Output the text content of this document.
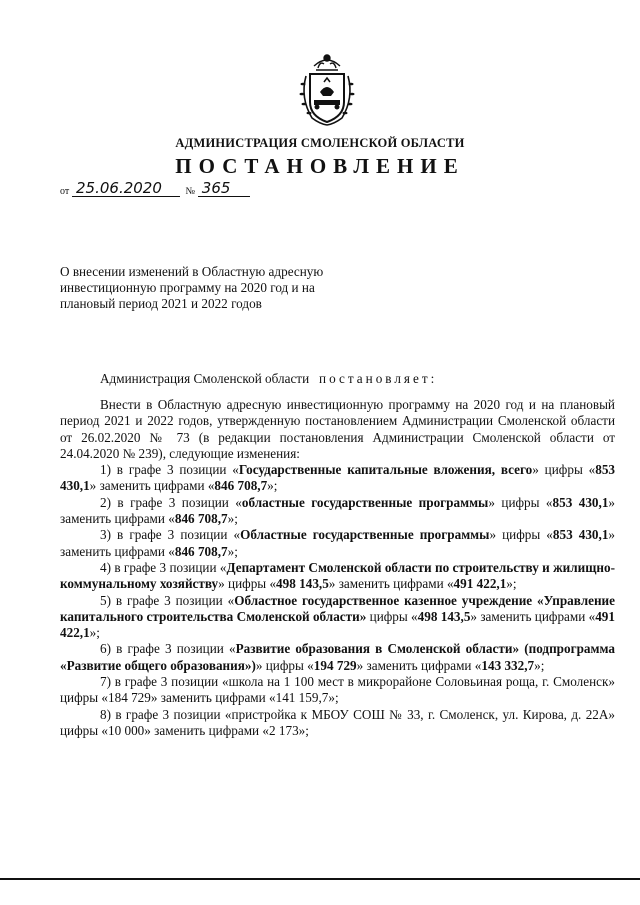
АДМИНИСТРАЦИЯ СМОЛЕНСКОЙ ОБЛАСТИ
ПОСТАНОВЛЕНИЕ
от 25.06.2020 № 365
О внесении изменений в Областную адресную инвестиционную программу на 2020 год и на плановый период 2021 и 2022 годов
Администрация Смоленской области постановляет:

Внести в Областную адресную инвестиционную программу на 2020 год и на плановый период 2021 и 2022 годов, утвержденную постановлением Администрации Смоленской области от 26.02.2020 № 73 (в редакции постановления Администрации Смоленской области от 24.04.2020 № 239), следующие изменения:

1) в графе 3 позиции «Государственные капитальные вложения, всего» цифры «853 430,1» заменить цифрами «846 708,7»;

2) в графе 3 позиции «областные государственные программы» цифры «853 430,1» заменить цифрами «846 708,7»;

3) в графе 3 позиции «Областные государственные программы» цифры «853 430,1» заменить цифрами «846 708,7»;

4) в графе 3 позиции «Департамент Смоленской области по строительству и жилищно-коммунальному хозяйству» цифры «498 143,5» заменить цифрами «491 422,1»;

5) в графе 3 позиции «Областное государственное казенное учреждение «Управление капитального строительства Смоленской области» цифры «498 143,5» заменить цифрами «491 422,1»;

6) в графе 3 позиции «Развитие образования в Смоленской области» (подпрограмма «Развитие общего образования»)» цифры «194 729» заменить цифрами «143 332,7»;

7) в графе 3 позиции «школа на 1 100 мест в микрорайоне Соловьиная роща, г. Смоленск» цифры «184 729» заменить цифрами «141 159,7»;

8) в графе 3 позиции «пристройка к МБОУ СОШ № 33, г. Смоленск, ул. Кирова, д. 22А» цифры «10 000» заменить цифрами «2 173»;
